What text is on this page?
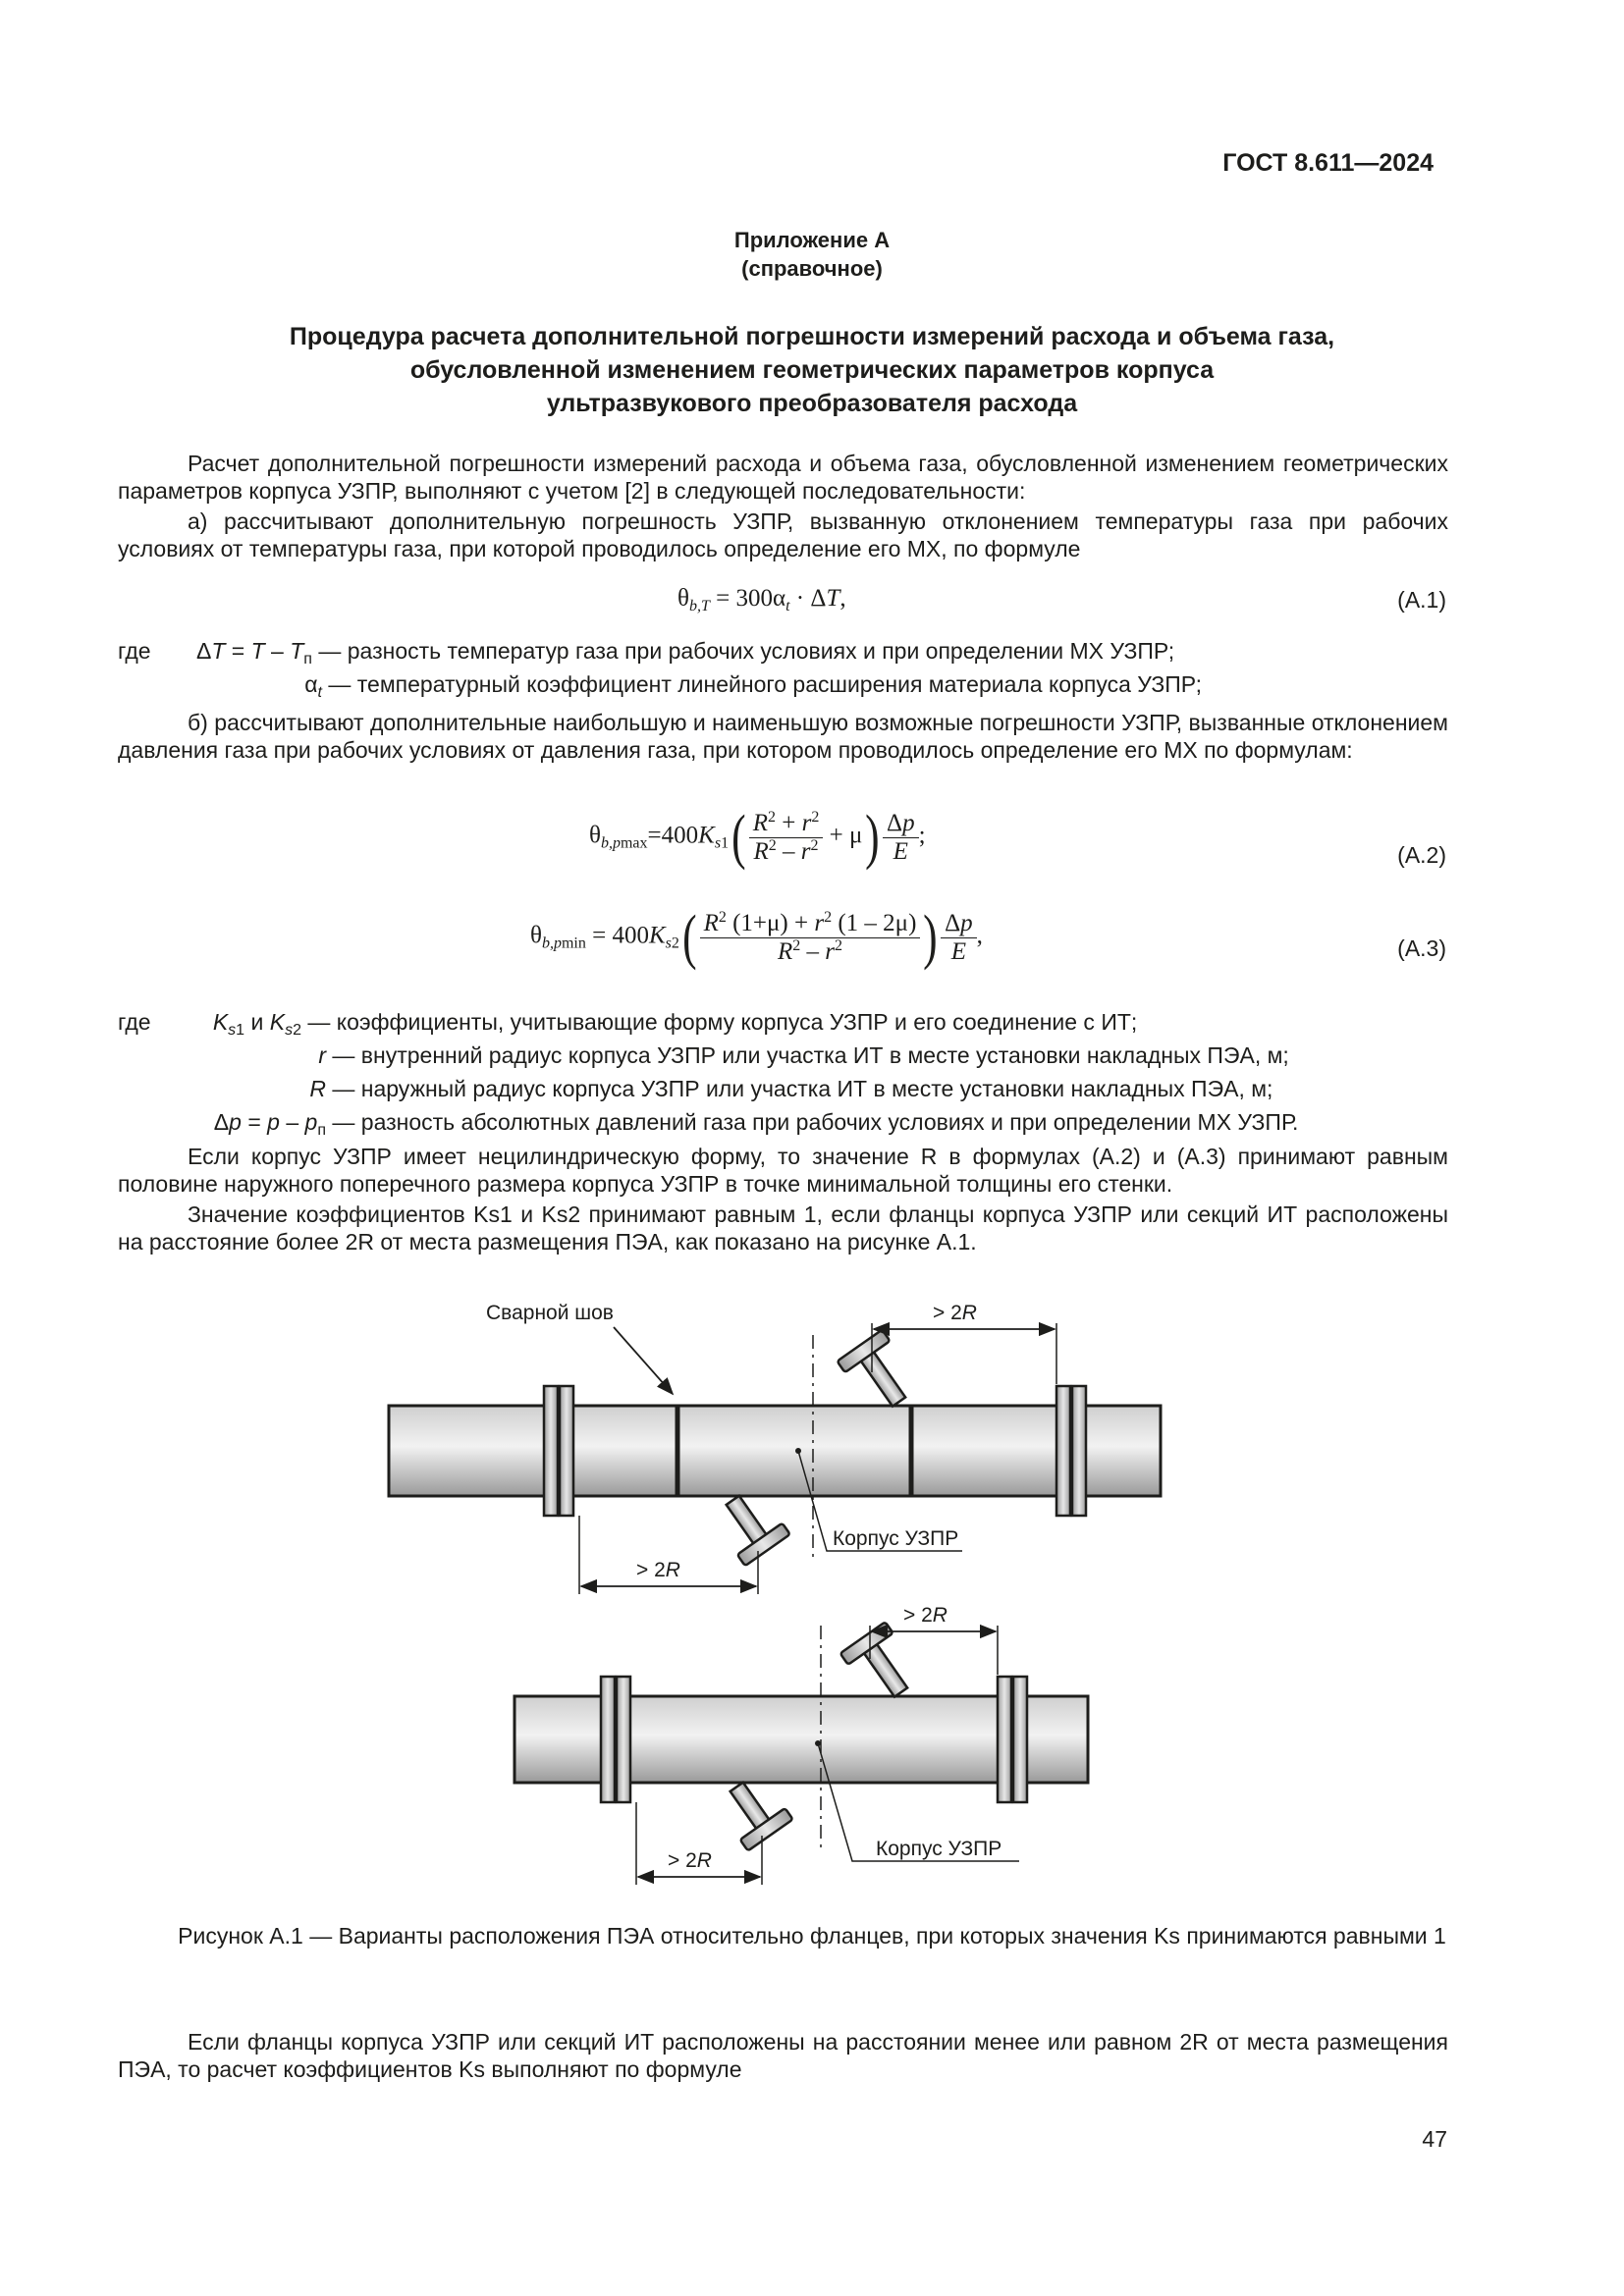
ГОСТ 8.611—2024
Приложение А
(справочное)
Процедура расчета дополнительной погрешности измерений расхода и объема газа,
обусловленной изменением геометрических параметров корпуса
ультразвукового преобразователя расхода

Расчет дополнительной погрешности измерений расхода и объема газа, обусловленной изменением геометрических параметров корпуса УЗПР, выполняют с учетом [2] в следующей последовательности:

а) рассчитывают дополнительную погрешность УЗПР, вызванную отклонением температуры газа при рабочих условиях от температуры газа, при которой проводилось определение его МХ, по формуле

$\theta_{b,T} = 300\alpha_t \cdot \Delta T$,	(А.1)
где $\Delta T = T - T_п$ — разность температур газа при рабочих условиях и при определении МХ УЗПР;
$\alpha_t$ — температурный коэффициент линейного расширения материала корпуса УЗПР;

б) рассчитывают дополнительные наибольшую и наименьшую возможные погрешности УЗПР, вызванные отклонением давления газа при рабочих условиях от давления газа, при котором проводилось определение его МХ по формулам:

$\theta_{b,pmax}=400K_{s1}( \frac{R^2 + r^2}{R^2 - r^2} + \mu) \frac{\Delta p}{E}$ ;
(А.2)
$\theta_{b,pmin} = 400K_{s2}( \frac{R^2 (1+\mu) + r^2 (1 - 2\mu)}{R^2 - r^2}$ ) $\frac{\Delta p}{E}$ ,	(А.3)
где	$K_{s1}$ и $K_{s2}$ — коэффициенты, учитывающие форму корпуса УЗПР и его соединение с ИТ;
r — внутренний радиус корпуса УЗПР или участка ИТ в месте установки накладных ПЭА, м;
R — наружный радиус корпуса УЗПР или участка ИТ в месте установки накладных ПЭА, м;
$\Delta p = p - p_п$ — разность абсолютных давлений газа при рабочих условиях и при определении МХ УЗПР.

Если корпус УЗПР имеет нецилиндрическую форму, то значение R в формулах (А.2) и (А.3) принимают равным половине наружного поперечного размера корпуса УЗПР в точке минимальной толщины его стенки.

Значение коэффициентов Ks1 и Ks2 принимают равным 1, если фланцы корпуса УЗПР или секций ИТ расположены на расстояние более 2R от места размещения ПЭА, как показано на рисунке А.1.

Сварной шов	> 2R
> 2R
Корпус УЗПР
> 2R
> 2R
Корпус УЗПР
Рисунок А.1 — Варианты расположения ПЭА относительно фланцев, при которых значения Ks принимаются равными 1

Если фланцы корпуса УЗПР или секций ИТ расположены на расстоянии менее или равном 2R от места размещения ПЭА, то расчет коэффициентов Ks выполняют по формуле

47
